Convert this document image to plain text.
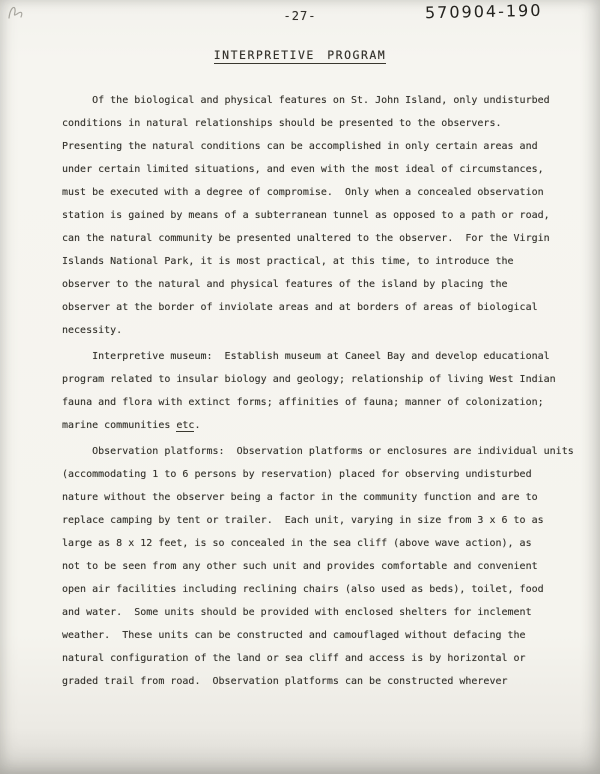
-27-	570904-190
INTERPRETIVE PROGRAM
Of the biological and physical features on St. John Island, only undisturbed
conditions in natural relationships should be presented to the observers.
Presenting the natural conditions can be accomplished in only certain areas and
under certain limited situations, and even with the most ideal of circumstances,
must be executed with a degree of compromise.  Only when a concealed observation
station is gained by means of a subterranean tunnel as opposed to a path or road,
can the natural community be presented unaltered to the observer.  For the Virgin
Islands National Park, it is most practical, at this time, to introduce the
observer to the natural and physical features of the island by placing the
observer at the border of inviolate areas and at borders of areas of biological
necessity.
Interpretive museum:  Establish museum at Caneel Bay and develop educational
program related to insular biology and geology; relationship of living West Indian
fauna and flora with extinct forms; affinities of fauna; manner of colonization;
marine communities etc.
Observation platforms:  Observation platforms or enclosures are individual units
(accommodating 1 to 6 persons by reservation) placed for observing undisturbed
nature without the observer being a factor in the community function and are to
replace camping by tent or trailer.  Each unit, varying in size from 3 x 6 to as
large as 8 x 12 feet, is so concealed in the sea cliff (above wave action), as
not to be seen from any other such unit and provides comfortable and convenient
open air facilities including reclining chairs (also used as beds), toilet, food
and water.  Some units should be provided with enclosed shelters for inclement
weather.  These units can be constructed and camouflaged without defacing the
natural configuration of the land or sea cliff and access is by horizontal or
graded trail from road.  Observation platforms can be constructed wherever
